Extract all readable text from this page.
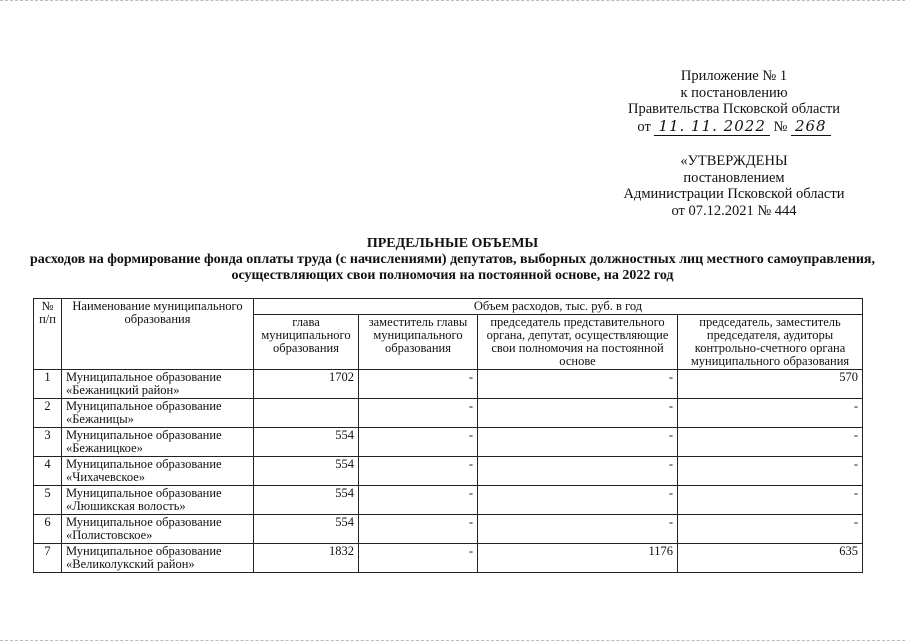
Приложение № 1
к постановлению
Правительства Псковской области
от 11. 11. 2022 № 268
«УТВЕРЖДЕНЫ
постановлением
Администрации Псковской области
от 07.12.2021 № 444
ПРЕДЕЛЬНЫЕ ОБЪЕМЫ
расходов на формирование фонда оплаты труда (с начислениями) депутатов, выборных должностных лиц местного самоуправления, осуществляющих свои полномочия на постоянной основе, на 2022 год
№ п/п	Наименование муниципального образования	Объем расходов, тыс. руб. в год			
		глава муниципального образования	заместитель главы муниципального образования	председатель представительного органа, депутат, осуществляющие свои полномочия на постоянной основе	председатель, заместитель председателя, аудиторы контрольно-счетного органа муниципального образования
1	Муниципальное образование «Бежаницкий район»	1702	-	-	570
2	Муниципальное образование «Бежаницы»		-	-	-
3	Муниципальное образование «Бежаницкое»	554	-	-	-
4	Муниципальное образование «Чихачевское»	554	-	-	-
5	Муниципальное образование «Люшикская волость»	554	-	-	-
6	Муниципальное образование «Полистовское»	554	-	-	-
7	Муниципальное образование «Великолукский район»	1832	-	1176	635
